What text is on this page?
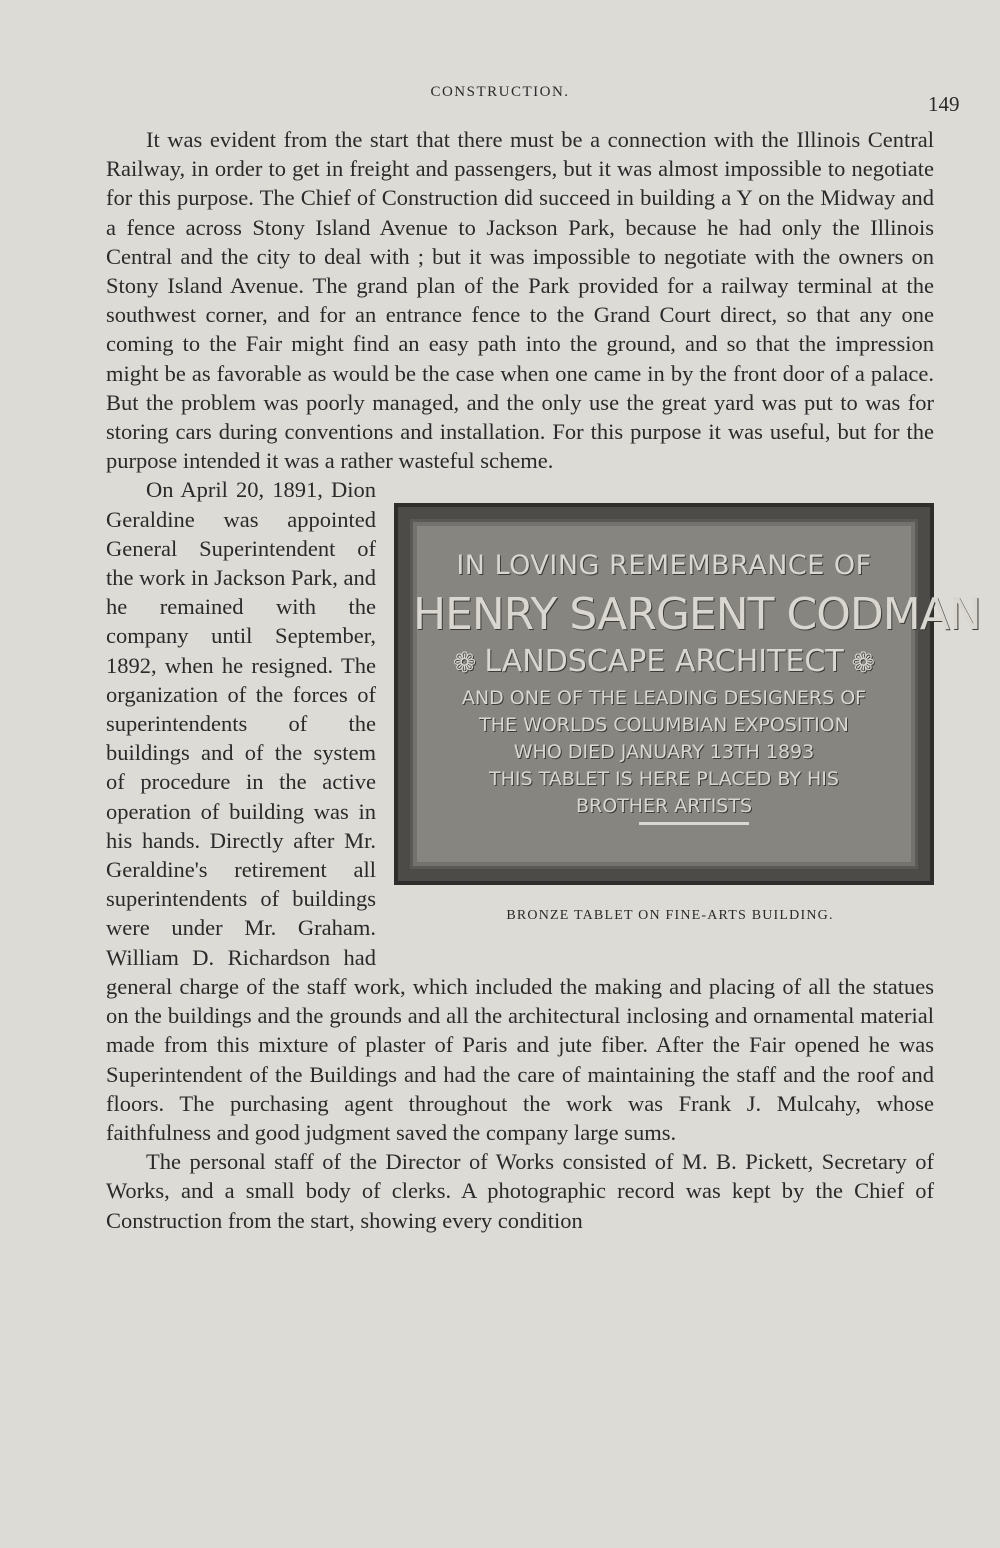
CONSTRUCTION.	149

It was evident from the start that there must be a connection with the Illinois Central Railway, in order to get in freight and passengers, but it was almost impossible to negotiate for this purpose. The Chief of Construction did succeed in building a Y on the Midway and a fence across Stony Island Avenue to Jackson Park, because he had only the Illinois Central and the city to deal with ; but it was impossible to negotiate with the owners on Stony Island Avenue. The grand plan of the Park provided for a railway terminal at the southwest corner, and for an entrance fence to the Grand Court direct, so that any one coming to the Fair might find an easy path into the ground, and so that the impression might be as favorable as would be the case when one came in by the front door of a palace. But the problem was poorly managed, and the only use the great yard was put to was for storing cars during conventions and installation. For this purpose it was useful, but for the purpose intended it was a rather wasteful scheme.

IN LOVING REMEMBRANCE OF
HENRY SARGENT CODMAN
❁ LANDSCAPE ARCHITECT ❁
AND ONE OF THE LEADING DESIGNERS OF
THE WORLDS COLUMBIAN EXPOSITION
WHO DIED JANUARY 13TH 1893
THIS TABLET IS HERE PLACED BY HIS
BROTHER ARTISTS
BRONZE TABLET ON FINE-ARTS BUILDING.

On April 20, 1891, Dion Geraldine was appointed General Superintendent of the work in Jackson Park, and he remained with the company until September, 1892, when he resigned. The organization of the forces of superintendents of the buildings and of the system of procedure in the active operation of building was in his hands. Directly after Mr. Geraldine's retirement all superintendents of buildings were under Mr. Graham. William D. Richardson had general charge of the staff work, which included the making and placing of all the statues on the buildings and the grounds and all the architectural inclosing and ornamental material made from this mixture of plaster of Paris and jute fiber. After the Fair opened he was Superintendent of the Buildings and had the care of maintaining the staff and the roof and floors. The purchasing agent throughout the work was Frank J. Mulcahy, whose faithfulness and good judgment saved the company large sums.

The personal staff of the Director of Works consisted of M. B. Pickett, Secretary of Works, and a small body of clerks. A photographic record was kept by the Chief of Construction from the start, showing every condition
